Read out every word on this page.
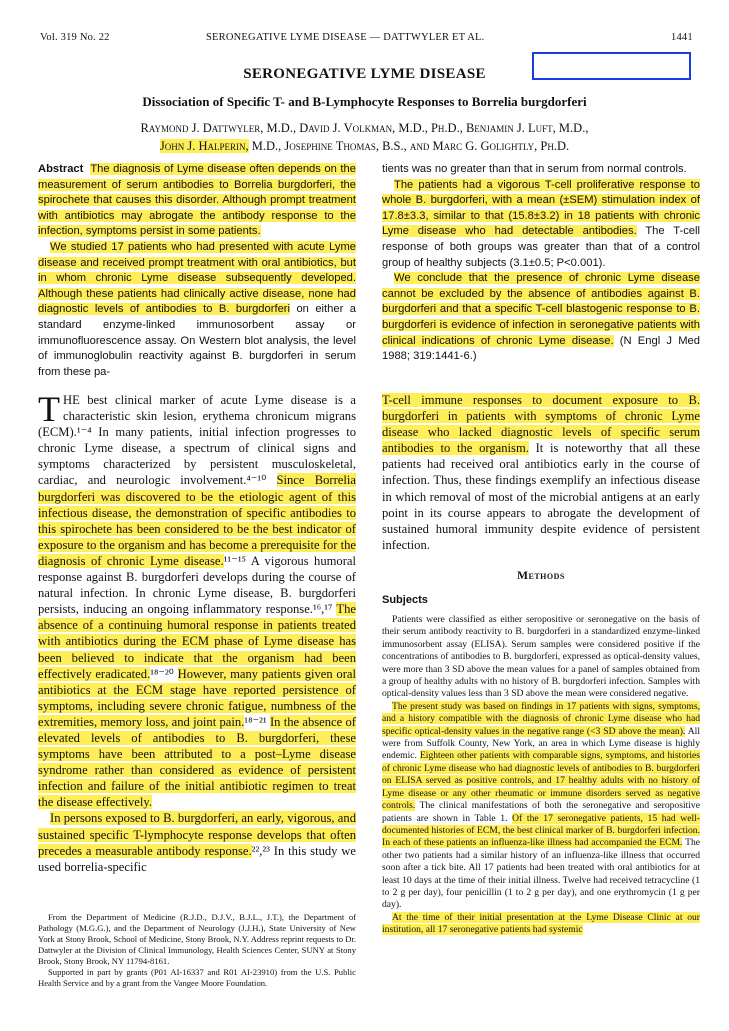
Vol. 319 No. 22	SERONEGATIVE LYME DISEASE — DATTWYLER ET AL.	1441
SERONEGATIVE LYME DISEASE
Dissociation of Specific T- and B-Lymphocyte Responses to Borrelia burgdorferi
Raymond J. Dattwyler, M.D., David J. Volkman, M.D., Ph.D., Benjamin J. Luft, M.D.,
John J. Halperin, M.D., Josephine Thomas, B.S., and Marc G. Golightly, Ph.D.

Abstract The diagnosis of Lyme disease often depends on the measurement of serum antibodies to Borrelia burgdorferi, the spirochete that causes this disorder. Although prompt treatment with antibiotics may abrogate the antibody response to the infection, symptoms persist in some patients.

We studied 17 patients who had presented with acute Lyme disease and received prompt treatment with oral antibiotics, but in whom chronic Lyme disease subsequently developed. Although these patients had clinically active disease, none had diagnostic levels of antibodies to B. burgdorferi on either a standard enzyme-linked immunosorbent assay or immunofluorescence assay. On Western blot analysis, the level of immunoglobulin reactivity against B. burgdorferi in serum from these pa-

tients was no greater than that in serum from normal controls.

The patients had a vigorous T-cell proliferative response to whole B. burgdorferi, with a mean (±SEM) stimulation index of 17.8±3.3, similar to that (15.8±3.2) in 18 patients with chronic Lyme disease who had detectable antibodies. The T-cell response of both groups was greater than that of a control group of healthy subjects (3.1±0.5; P<0.001).

We conclude that the presence of chronic Lyme disease cannot be excluded by the absence of antibodies against B. burgdorferi and that a specific T-cell blastogenic response to B. burgdorferi is evidence of infection in seronegative patients with clinical indications of chronic Lyme disease. (N Engl J Med 1988; 319:1441-6.)

THE best clinical marker of acute Lyme disease is a characteristic skin lesion, erythema chronicum migrans (ECM).¹⁻⁴ In many patients, initial infection progresses to chronic Lyme disease, a spectrum of clinical signs and symptoms characterized by persistent musculoskeletal, cardiac, and neurologic involvement.⁴⁻¹⁰ Since Borrelia burgdorferi was discovered to be the etiologic agent of this infectious disease, the demonstration of specific antibodies to this spirochete has been considered to be the best indicator of exposure to the organism and has become a prerequisite for the diagnosis of chronic Lyme disease.¹¹⁻¹⁵ A vigorous humoral response against B. burgdorferi develops during the course of natural infection. In chronic Lyme disease, B. burgdorferi persists, inducing an ongoing inflammatory response.¹⁶,¹⁷ The absence of a continuing humoral response in patients treated with antibiotics during the ECM phase of Lyme disease has been believed to indicate that the organism had been effectively eradicated.¹⁸⁻²⁰ However, many patients given oral antibiotics at the ECM stage have reported persistence of symptoms, including severe chronic fatigue, numbness of the extremities, memory loss, and joint pain.¹⁸⁻²¹ In the absence of elevated levels of antibodies to B. burgdorferi, these symptoms have been attributed to a post–Lyme disease syndrome rather than considered as evidence of persistent infection and failure of the initial antibiotic regimen to treat the disease effectively.

In persons exposed to B. burgdorferi, an early, vigorous, and sustained specific T-lymphocyte response develops that often precedes a measurable antibody response.²²,²³ In this study we used borrelia-specific

From the Department of Medicine (R.J.D., D.J.V., B.J.L., J.T.), the Department of Pathology (M.G.G.), and the Department of Neurology (J.J.H.), State University of New York at Stony Brook, School of Medicine, Stony Brook, N.Y. Address reprint requests to Dr. Dattwyler at the Division of Clinical Immunology, Health Sciences Center, SUNY at Stony Brook, Stony Brook, NY 11794-8161.

Supported in part by grants (P01 AI-16337 and R01 AI-23910) from the U.S. Public Health Service and by a grant from the Vangee Moore Foundation.

T-cell immune responses to document exposure to B. burgdorferi in patients with symptoms of chronic Lyme disease who lacked diagnostic levels of specific serum antibodies to the organism. It is noteworthy that all these patients had received oral antibiotics early in the course of infection. Thus, these findings exemplify an infectious disease in which removal of most of the microbial antigens at an early point in its course appears to abrogate the development of sustained humoral immunity despite evidence of persistent infection.

Methods
Subjects

Patients were classified as either seropositive or seronegative on the basis of their serum antibody reactivity to B. burgdorferi in a standardized enzyme-linked immunosorbent assay (ELISA). Serum samples were considered positive if the concentrations of antibodies to B. burgdorferi, expressed as optical-density values, were more than 3 SD above the mean values for a panel of samples obtained from a group of healthy adults with no history of B. burgdorferi infection. Samples with optical-density values less than 3 SD above the mean were considered negative.

The present study was based on findings in 17 patients with signs, symptoms, and a history compatible with the diagnosis of chronic Lyme disease who had specific optical-density values in the negative range (<3 SD above the mean). All were from Suffolk County, New York, an area in which Lyme disease is highly endemic. Eighteen other patients with comparable signs, symptoms, and histories of chronic Lyme disease who had diagnostic levels of antibodies to B. burgdorferi on ELISA served as positive controls, and 17 healthy adults with no history of Lyme disease or any other rheumatic or immune disorders served as negative controls. The clinical manifestations of both the seronegative and seropositive patients are shown in Table 1. Of the 17 seronegative patients, 15 had well-documented histories of ECM, the best clinical marker of B. burgdorferi infection. In each of these patients an influenza-like illness had accompanied the ECM. The other two patients had a similar history of an influenza-like illness that occurred soon after a tick bite. All 17 patients had been treated with oral antibiotics for at least 10 days at the time of their initial illness. Twelve had received tetracycline (1 to 2 g per day), four penicillin (1 to 2 g per day), and one erythromycin (1 g per day).

At the time of their initial presentation at the Lyme Disease Clinic at our institution, all 17 seronegative patients had systemic
